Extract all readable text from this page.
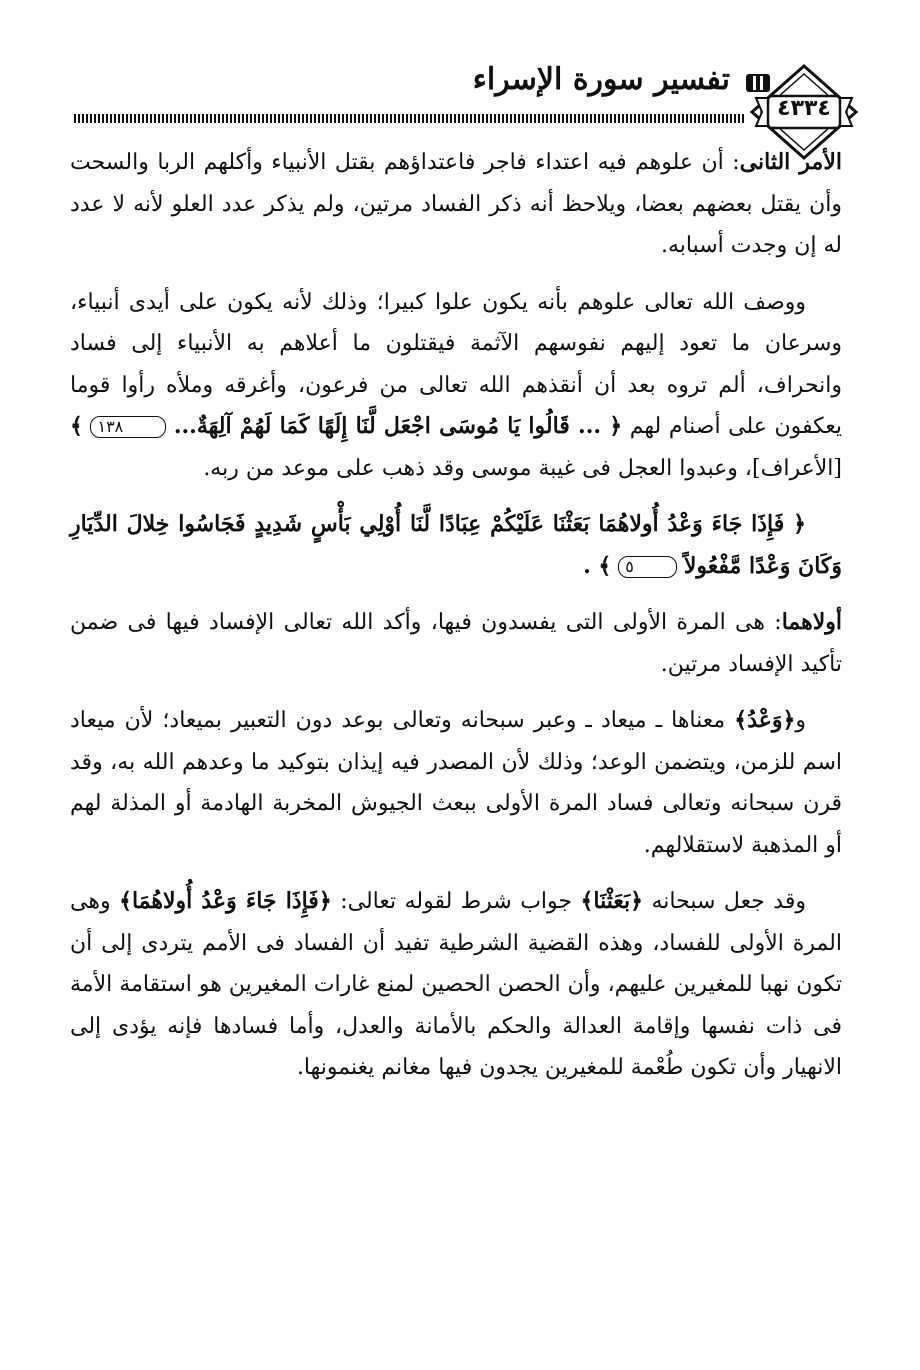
تفسير سورة الإسراء
٤٣٣٤

الأمر الثانى: أن علوهم فيه اعتداء فاجر فاعتداؤهم بقتل الأنبياء وأكلهم الربا والسحت وأن يقتل بعضهم بعضا، ويلاحظ أنه ذكر الفساد مرتين، ولم يذكر عدد العلو لأنه لا عدد له إن وجدت أسبابه.

ووصف الله تعالى علوهم بأنه يكون علوا كبيرا؛ وذلك لأنه يكون على أيدى أنبياء، وسرعان ما تعود إليهم نفوسهم الآثمة فيقتلون ما أعلاهم به الأنبياء إلى فساد وانحراف، ألم تروه بعد أن أنقذهم الله تعالى من فرعون، وأغرقه وملأه رأوا قوما يعكفون على أصنام لهم ﴿ ... قَالُوا يَا مُوسَى اجْعَل لَّنَا إِلَهًا كَمَا لَهُمْ آلِهَةٌ... ١٣٨ ﴾ [الأعراف]، وعبدوا العجل فى غيبة موسى وقد ذهب على موعد من ربه.

﴿ فَإِذَا جَاءَ وَعْدُ أُولاهُمَا بَعَثْنَا عَلَيْكُمْ عِبَادًا لَّنَا أُوْلِي بَأْسٍ شَدِيدٍ فَجَاسُوا خِلالَ الدِّيَارِ وَكَانَ وَعْدًا مَّفْعُولاً ٥ ﴾ .

أولاهما: هى المرة الأولى التى يفسدون فيها، وأكد الله تعالى الإفساد فيها فى ضمن تأكيد الإفساد مرتين.

و﴿وَعْدُ﴾ معناها ـ ميعاد ـ وعبر سبحانه وتعالى بوعد دون التعبير بميعاد؛ لأن ميعاد اسم للزمن، ويتضمن الوعد؛ وذلك لأن المصدر فيه إيذان بتوكيد ما وعدهم الله به، وقد قرن سبحانه وتعالى فساد المرة الأولى ببعث الجيوش المخربة الهادمة أو المذلة لهم أو المذهبة لاستقلالهم.

وقد جعل سبحانه ﴿بَعَثْنَا﴾ جواب شرط لقوله تعالى: ﴿فَإِذَا جَاءَ وَعْدُ أُولاهُمَا﴾ وهى المرة الأولى للفساد، وهذه القضية الشرطية تفيد أن الفساد فى الأمم يتردى إلى أن تكون نهبا للمغيرين عليهم، وأن الحصن الحصين لمنع غارات المغيرين هو استقامة الأمة فى ذات نفسها وإقامة العدالة والحكم بالأمانة والعدل، وأما فسادها فإنه يؤدى إلى الانهيار وأن تكون طُعْمة للمغيرين يجدون فيها مغانم يغنمونها.
